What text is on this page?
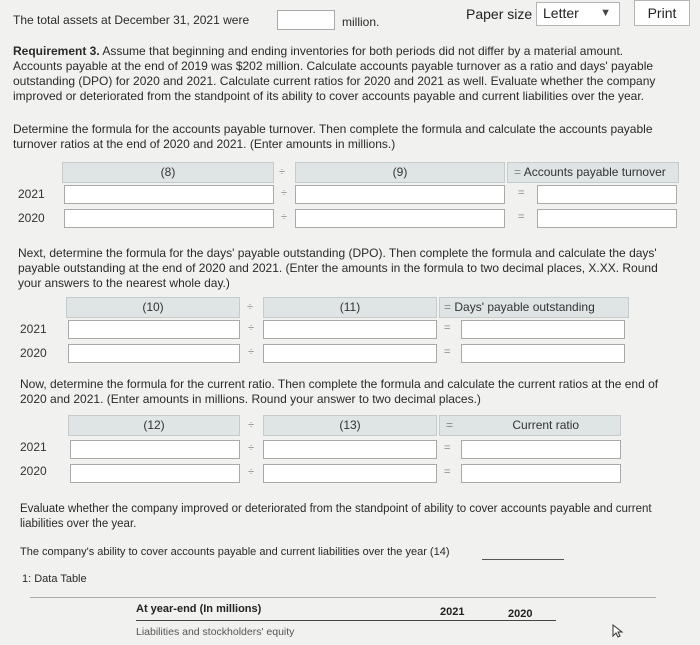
The total assets at December 31, 2021 were	million.	Paper size Letter ▼	Print
Requirement 3. Assume that beginning and ending inventories for both periods did not differ by a material amount. Accounts payable at the end of 2019 was $202 million. Calculate accounts payable turnover as a ratio and days' payable outstanding (DPO) for 2020 and 2021. Calculate current ratios for 2020 and 2021 as well. Evaluate whether the company improved or deteriorated from the standpoint of its ability to cover accounts payable and current liabilities over the year.
Determine the formula for the accounts payable turnover. Then complete the formula and calculate the accounts payable turnover ratios at the end of 2020 and 2021. (Enter amounts in millions.)
(8)	÷	(9)	= Accounts payable turnover
2021	÷	=
2020	÷	=
Next, determine the formula for the days' payable outstanding (DPO). Then complete the formula and calculate the days' payable outstanding at the end of 2020 and 2021. (Enter the amounts in the formula to two decimal places, X.XX. Round your answers to the nearest whole day.)
(10)	÷	(11)	= Days' payable outstanding
2021	÷	=
2020	÷	=
Now, determine the formula for the current ratio. Then complete the formula and calculate the current ratios at the end of 2020 and 2021. (Enter amounts in millions. Round your answer to two decimal places.)
(12)	÷	(13)	=	Current ratio
2021	÷	=
2020	÷	=
Evaluate whether the company improved or deteriorated from the standpoint of ability to cover accounts payable and current liabilities over the year.
The company's ability to cover accounts payable and current liabilities over the year (14)
1: Data Table
At year-end (In millions)	2021	2020
Liabilities and stockholders' equity
